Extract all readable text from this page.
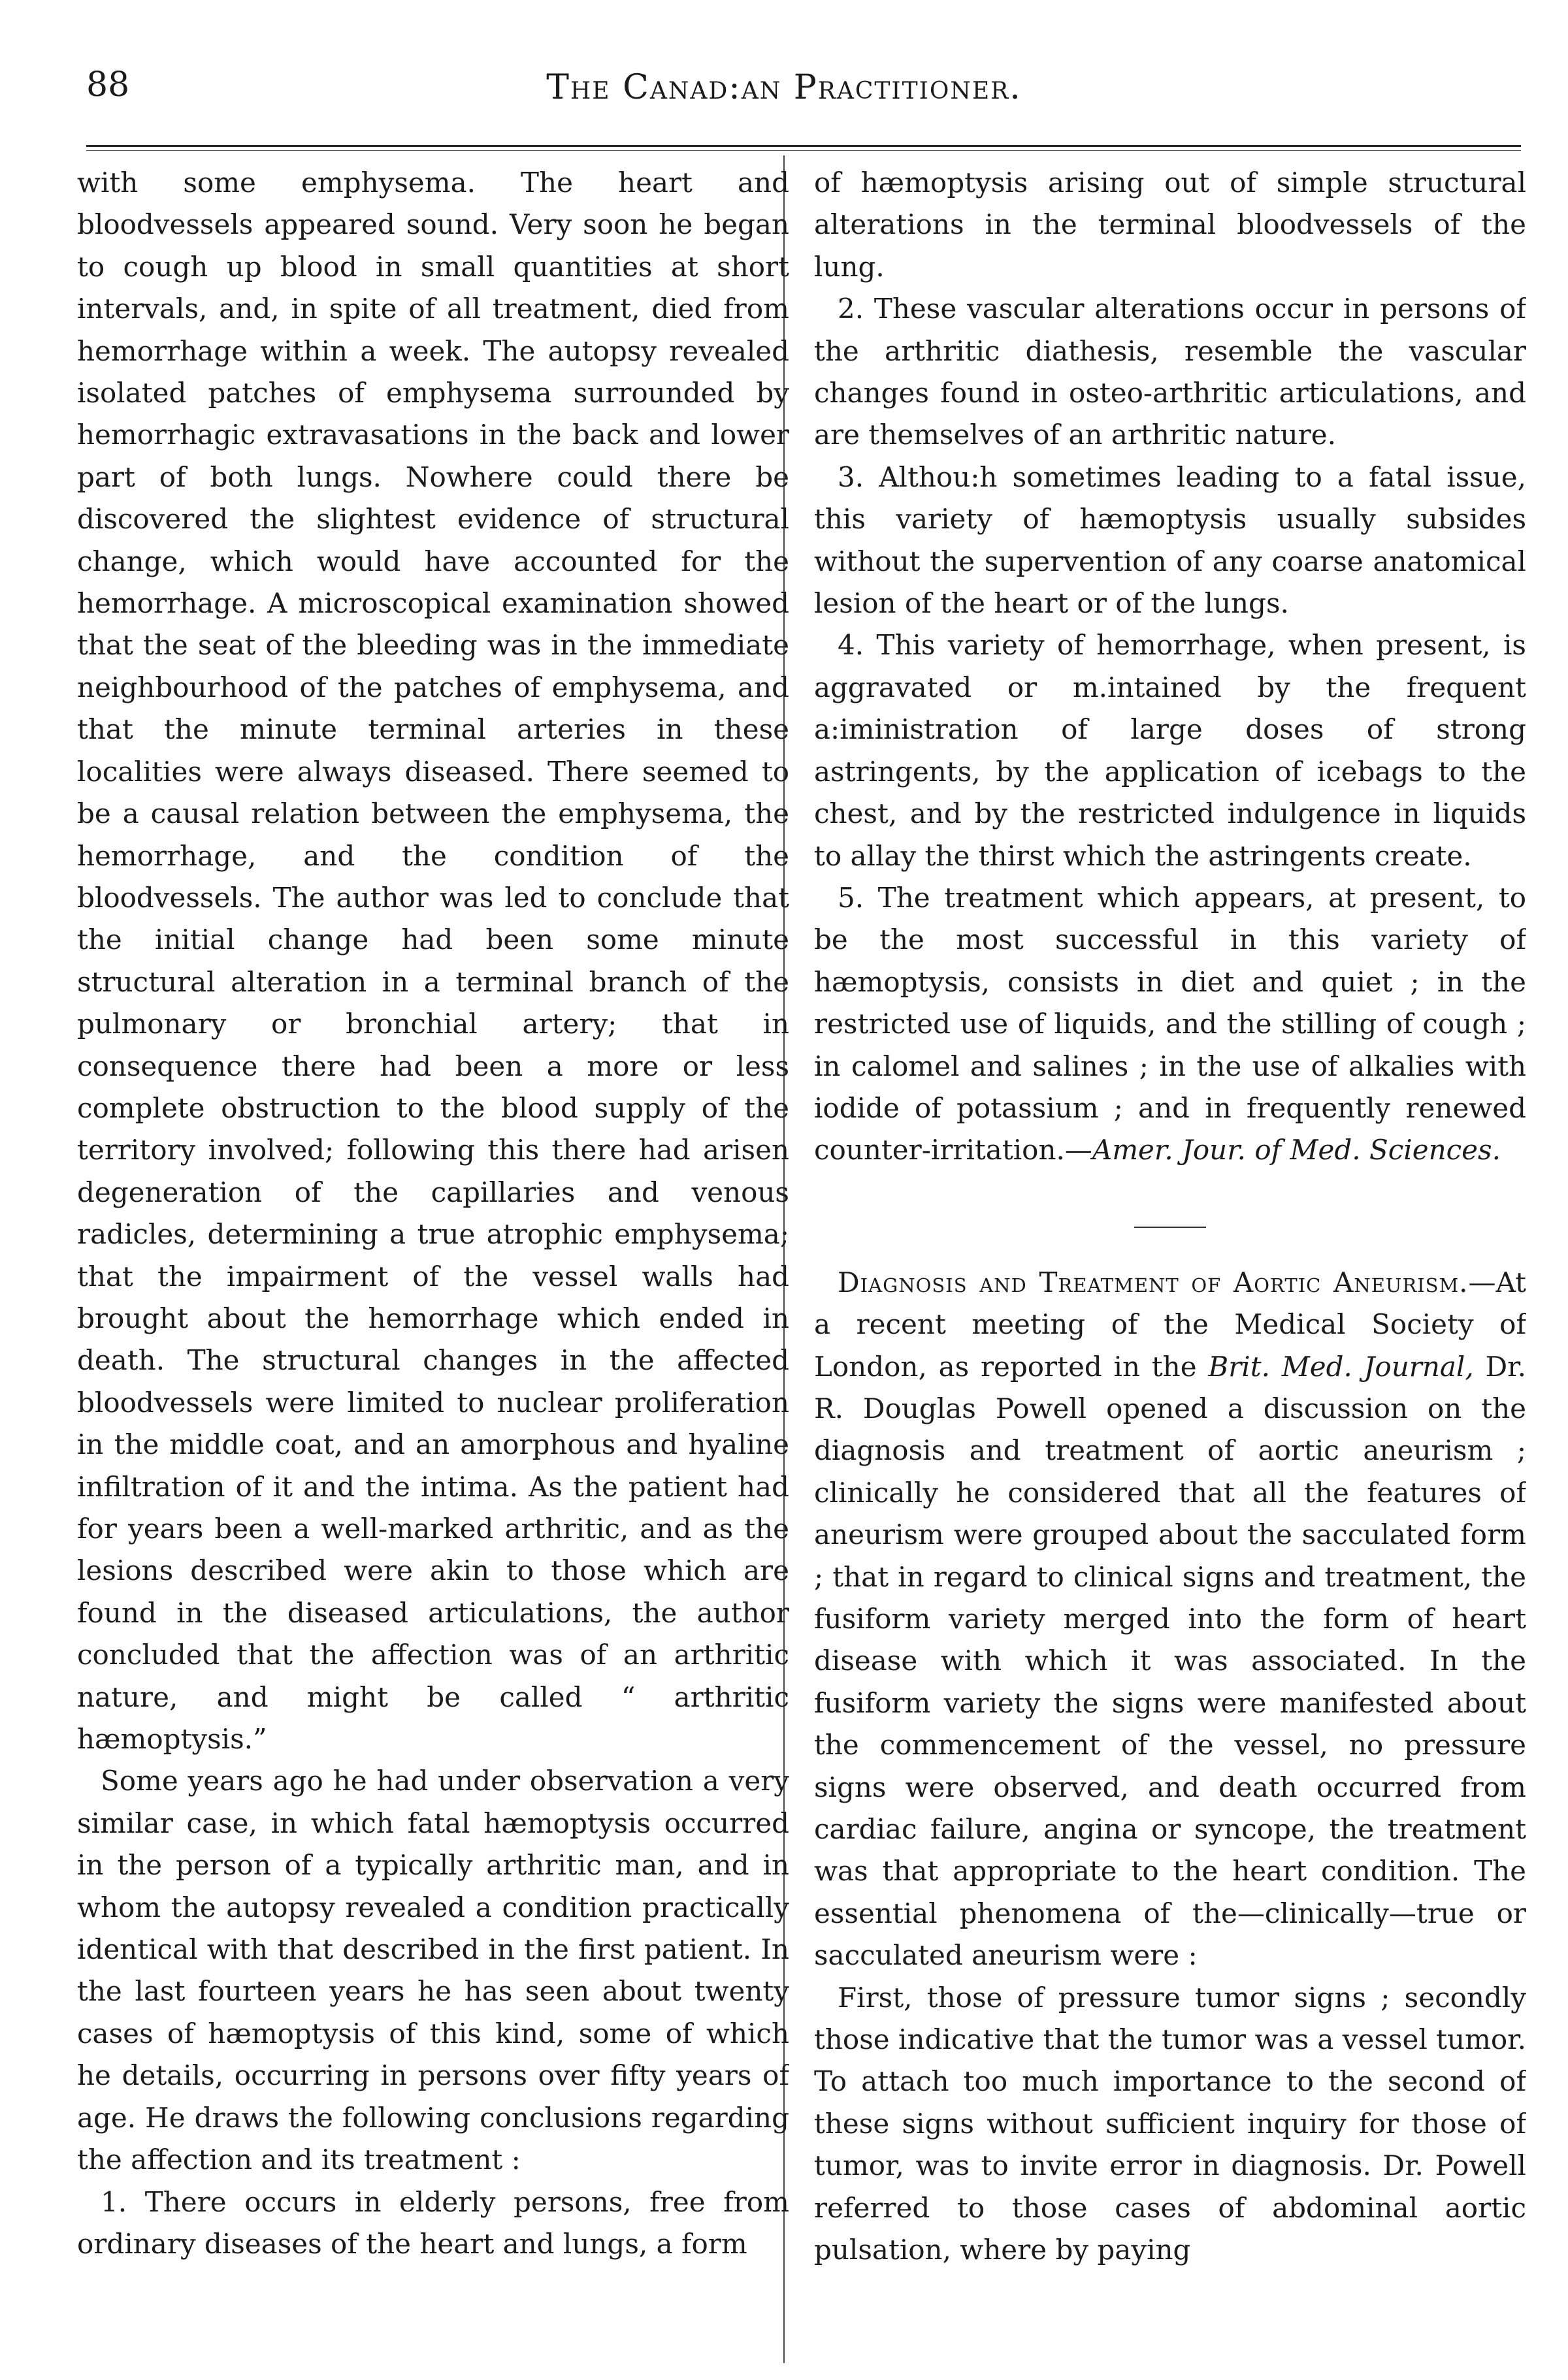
88	The Canad:an Practitioner.

with some emphysema. The heart and bloodvessels appeared sound. Very soon he began to cough up blood in small quantities at short intervals, and, in spite of all treatment, died from hemorrhage within a week. The autopsy revealed isolated patches of emphysema surrounded by hemorrhagic extravasations in the back and lower part of both lungs. Nowhere could there be discovered the slightest evidence of structural change, which would have accounted for the hemorrhage. A microscopical examination showed that the seat of the bleeding was in the immediate neighbourhood of the patches of emphysema, and that the minute terminal arteries in these localities were always diseased. There seemed to be a causal relation between the emphysema, the hemorrhage, and the condition of the bloodvessels. The author was led to conclude that the initial change had been some minute structural alteration in a terminal branch of the pulmonary or bronchial artery; that in consequence there had been a more or less complete obstruction to the blood supply of the territory involved; following this there had arisen degeneration of the capillaries and venous radicles, determining a true atrophic emphysema; that the impairment of the vessel walls had brought about the hemorrhage which ended in death. The structural changes in the affected bloodvessels were limited to nuclear proliferation in the middle coat, and an amorphous and hyaline infiltration of it and the intima. As the patient had for years been a well-marked arthritic, and as the lesions described were akin to those which are found in the diseased articulations, the author concluded that the affection was of an arthritic nature, and might be called “ arthritic hæmoptysis.”

Some years ago he had under observation a very similar case, in which fatal hæmoptysis occurred in the person of a typically arthritic man, and in whom the autopsy revealed a condition practically identical with that described in the first patient. In the last fourteen years he has seen about twenty cases of hæmoptysis of this kind, some of which he details, occurring in persons over fifty years of age. He draws the following conclusions regarding the affection and its treatment :

1. There occurs in elderly persons, free from ordinary diseases of the heart and lungs, a form

of hæmoptysis arising out of simple structural alterations in the terminal bloodvessels of the lung.

2. These vascular alterations occur in persons of the arthritic diathesis, resemble the vascular changes found in osteo-arthritic articulations, and are themselves of an arthritic nature.

3. Althou:h sometimes leading to a fatal issue, this variety of hæmoptysis usually subsides without the supervention of any coarse anatomical lesion of the heart or of the lungs.

4. This variety of hemorrhage, when present, is aggravated or m.intained by the frequent a:iministration of large doses of strong astringents, by the application of icebags to the chest, and by the restricted indulgence in liquids to allay the thirst which the astringents create.

5. The treatment which appears, at present, to be the most successful in this variety of hæmoptysis, consists in diet and quiet ; in the restricted use of liquids, and the stilling of cough ; in calomel and salines ; in the use of alkalies with iodide of potassium ; and in frequently renewed counter-irritation.—Amer. Jour. of Med. Sciences.

Diagnosis and Treatment of Aortic Aneurism.—At a recent meeting of the Medical Society of London, as reported in the Brit. Med. Journal, Dr. R. Douglas Powell opened a discussion on the diagnosis and treatment of aortic aneurism ; clinically he considered that all the features of aneurism were grouped about the sacculated form ; that in regard to clinical signs and treatment, the fusiform variety merged into the form of heart disease with which it was associated. In the fusiform variety the signs were manifested about the commencement of the vessel, no pressure signs were observed, and death occurred from cardiac failure, angina or syncope, the treatment was that appropriate to the heart condition. The essential phenomena of the—clinically—true or sacculated aneurism were :

First, those of pressure tumor signs ; secondly those indicative that the tumor was a vessel tumor. To attach too much importance to the second of these signs without sufficient inquiry for those of tumor, was to invite error in diagnosis. Dr. Powell referred to those cases of abdominal aortic pulsation, where by paying
